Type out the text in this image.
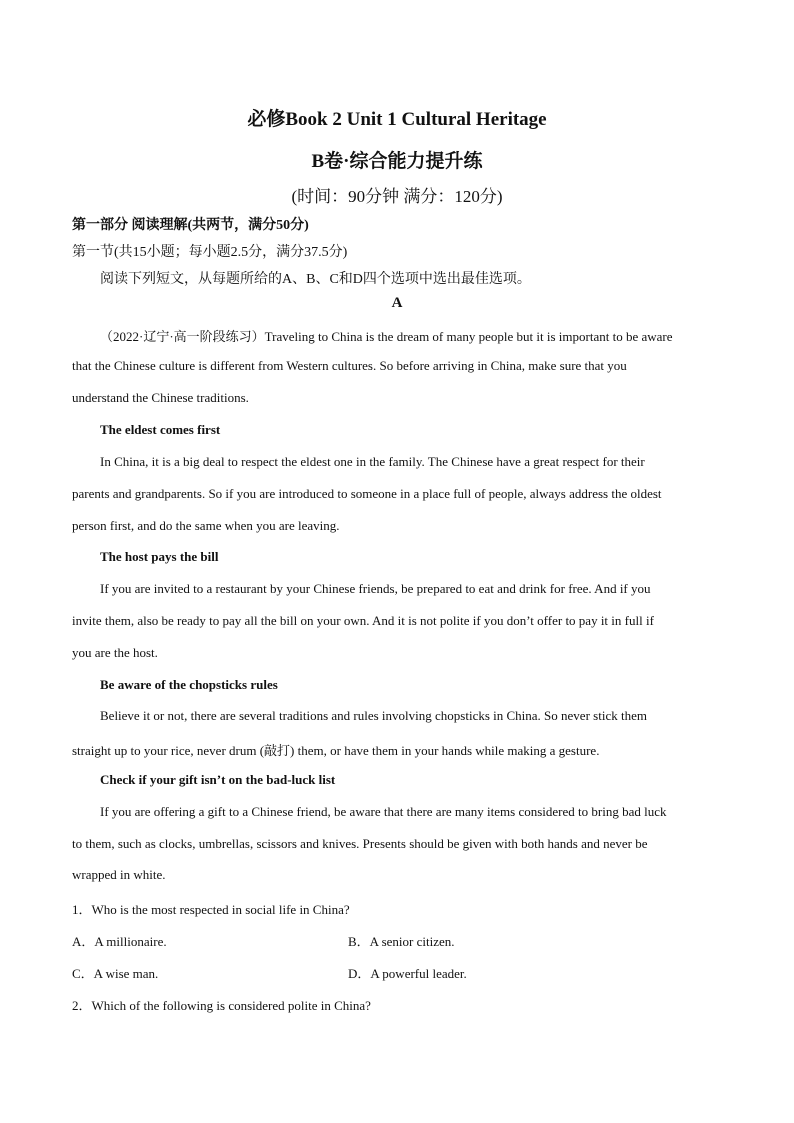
必修Book 2 Unit 1 Cultural Heritage
B卷·综合能力提升练
(时间：90分钟 满分：120分)
第一部分 阅读理解(共两节，满分50分)
第一节(共15小题；每小题2.5分，满分37.5分)
阅读下列短文，从每题所给的A、B、C和D四个选项中选出最佳选项。
A
（2022·辽宁·高一阶段练习）Traveling to China is the dream of many people but it is important to be aware
that the Chinese culture is different from Western cultures. So before arriving in China, make sure that you
understand the Chinese traditions.
The eldest comes first
In China, it is a big deal to respect the eldest one in the family. The Chinese have a great respect for their
parents and grandparents. So if you are introduced to someone in a place full of people, always address the oldest
person first, and do the same when you are leaving.
The host pays the bill
If you are invited to a restaurant by your Chinese friends, be prepared to eat and drink for free. And if you
invite them, also be ready to pay all the bill on your own. And it is not polite if you don’t offer to pay it in full if
you are the host.
Be aware of the chopsticks rules
Believe it or not, there are several traditions and rules involving chopsticks in China. So never stick them
straight up to your rice, never drum (敲打) them, or have them in your hands while making a gesture.
Check if your gift isn’t on the bad-luck list
If you are offering a gift to a Chinese friend, be aware that there are many items considered to bring bad luck
to them, such as clocks, umbrellas, scissors and knives. Presents should be given with both hands and never be
wrapped in white.
1．Who is the most respected in social life in China?
A．A millionaire.	B．A senior citizen.
C．A wise man.	D．A powerful leader.
2．Which of the following is considered polite in China?
